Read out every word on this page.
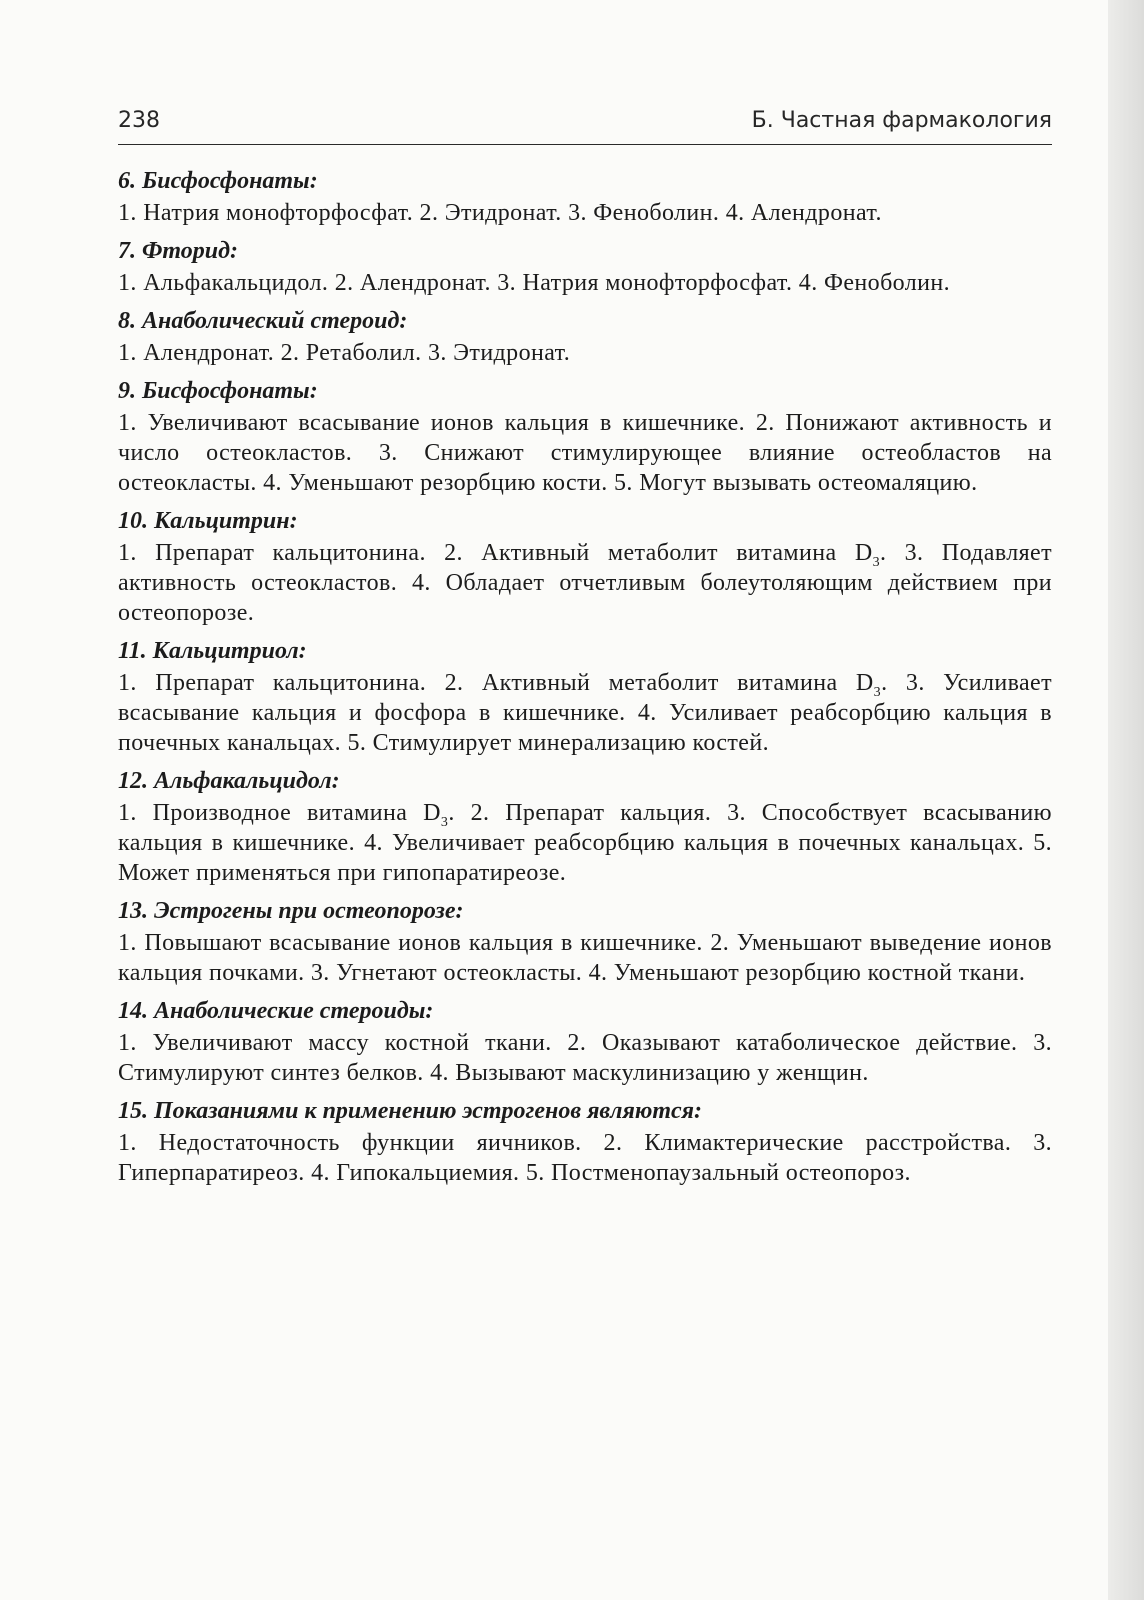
238	Б. Частная фармакология

6. Бисфосфонаты:

1. Натрия монофторфосфат. 2. Этидронат. 3. Феноболин. 4. Алендронат.

7. Фторид:

1. Альфакальцидол. 2. Алендронат. 3. Натрия монофторфосфат. 4. Феноболин.

8. Анаболический стероид:

1. Алендронат. 2. Ретаболил. 3. Этидронат.

9. Бисфосфонаты:

1. Увеличивают всасывание ионов кальция в кишечнике. 2. Понижают активность и число остеокластов. 3. Снижают стимулирующее влияние остеобластов на остеокласты. 4. Уменьшают резорбцию кости. 5. Могут вызывать остеомаляцию.

10. Кальцитрин:

1. Препарат кальцитонина. 2. Активный метаболит витамина $D_3$. 3. Подавляет активность остеокластов. 4. Обладает отчетливым болеутоляющим действием при остеопорозе.

11. Кальцитриол:

1. Препарат кальцитонина. 2. Активный метаболит витамина $D_3$. 3. Усиливает всасывание кальция и фосфора в кишечнике. 4. Усиливает реабсорбцию кальция в почечных канальцах. 5. Стимулирует минерализацию костей.

12. Альфакальцидол:

1. Производное витамина $D_3$. 2. Препарат кальция. 3. Способствует всасыванию кальция в кишечнике. 4. Увеличивает реабсорбцию кальция в почечных канальцах. 5. Может применяться при гипопаратиреозе.

13. Эстрогены при остеопорозе:

1. Повышают всасывание ионов кальция в кишечнике. 2. Уменьшают выведение ионов кальция почками. 3. Угнетают остеокласты. 4. Уменьшают резорбцию костной ткани.

14. Анаболические стероиды:

1. Увеличивают массу костной ткани. 2. Оказывают катаболическое действие. 3. Стимулируют синтез белков. 4. Вызывают маскулинизацию у женщин.

15. Показаниями к применению эстрогенов являются:

1. Недостаточность функции яичников. 2. Климактерические расстройства. 3. Гиперпаратиреоз. 4. Гипокальциемия. 5. Постменопаузальный остеопороз.
